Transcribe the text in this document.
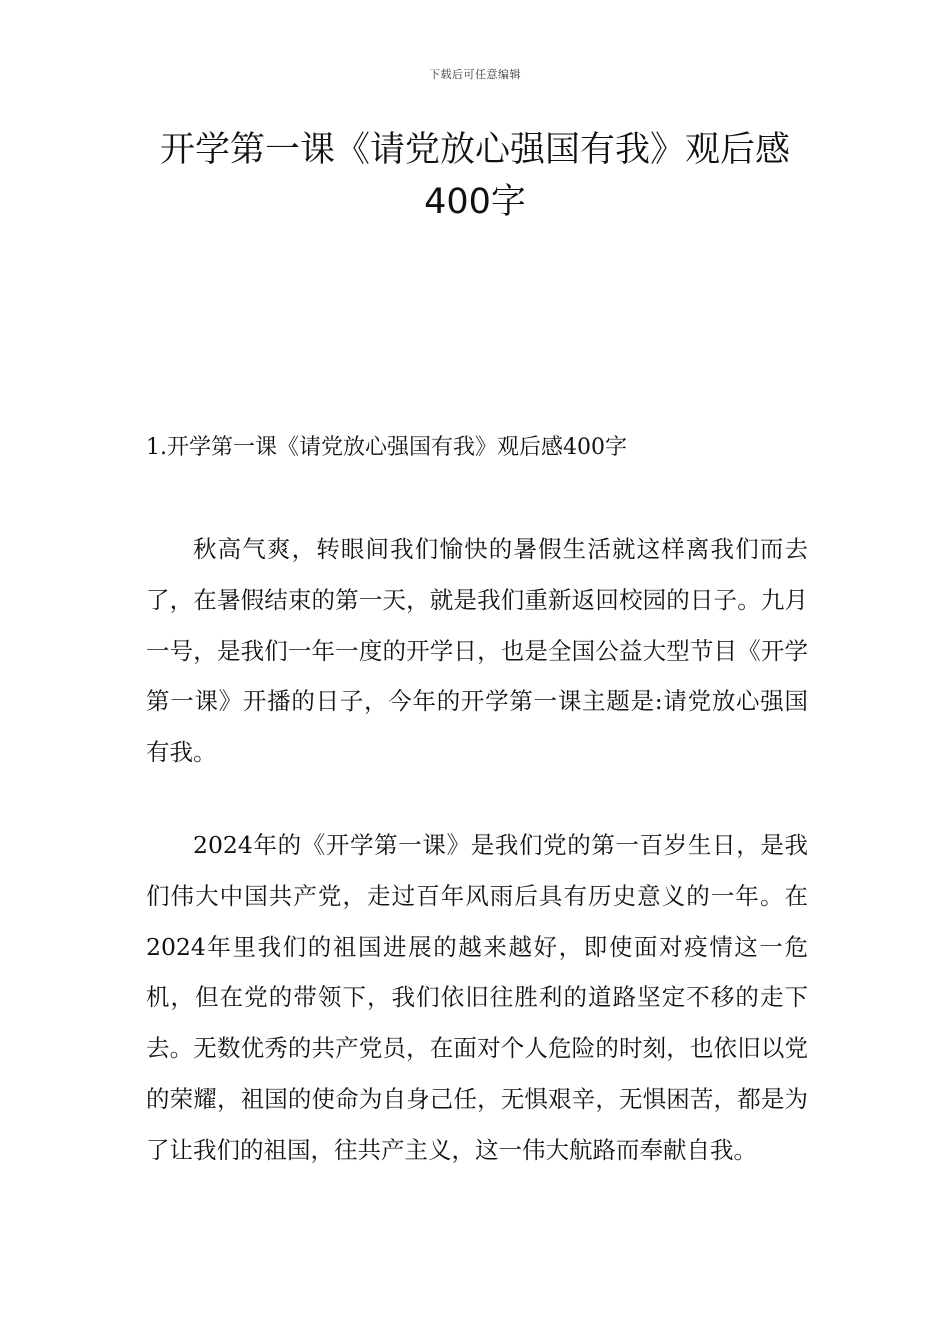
下载后可任意编辑
开学第一课《请党放心强国有我》观后感
400字
1.开学第一课《请党放心强国有我》观后感400字

秋高气爽，转眼间我们愉快的暑假生活就这样离我们而去了，在暑假结束的第一天，就是我们重新返回校园的日子。九月一号，是我们一年一度的开学日，也是全国公益大型节目《开学第一课》开播的日子，今年的开学第一课主题是:请党放心强国有我。

2024年的《开学第一课》是我们党的第一百岁生日，是我们伟大中国共产党，走过百年风雨后具有历史意义的一年。在2024年里我们的祖国进展的越来越好，即使面对疫情这一危机，但在党的带领下，我们依旧往胜利的道路坚定不移的走下去。无数优秀的共产党员，在面对个人危险的时刻，也依旧以党的荣耀，祖国的使命为自身己任，无惧艰辛，无惧困苦，都是为了让我们的祖国，往共产主义，这一伟大航路而奉献自我。
